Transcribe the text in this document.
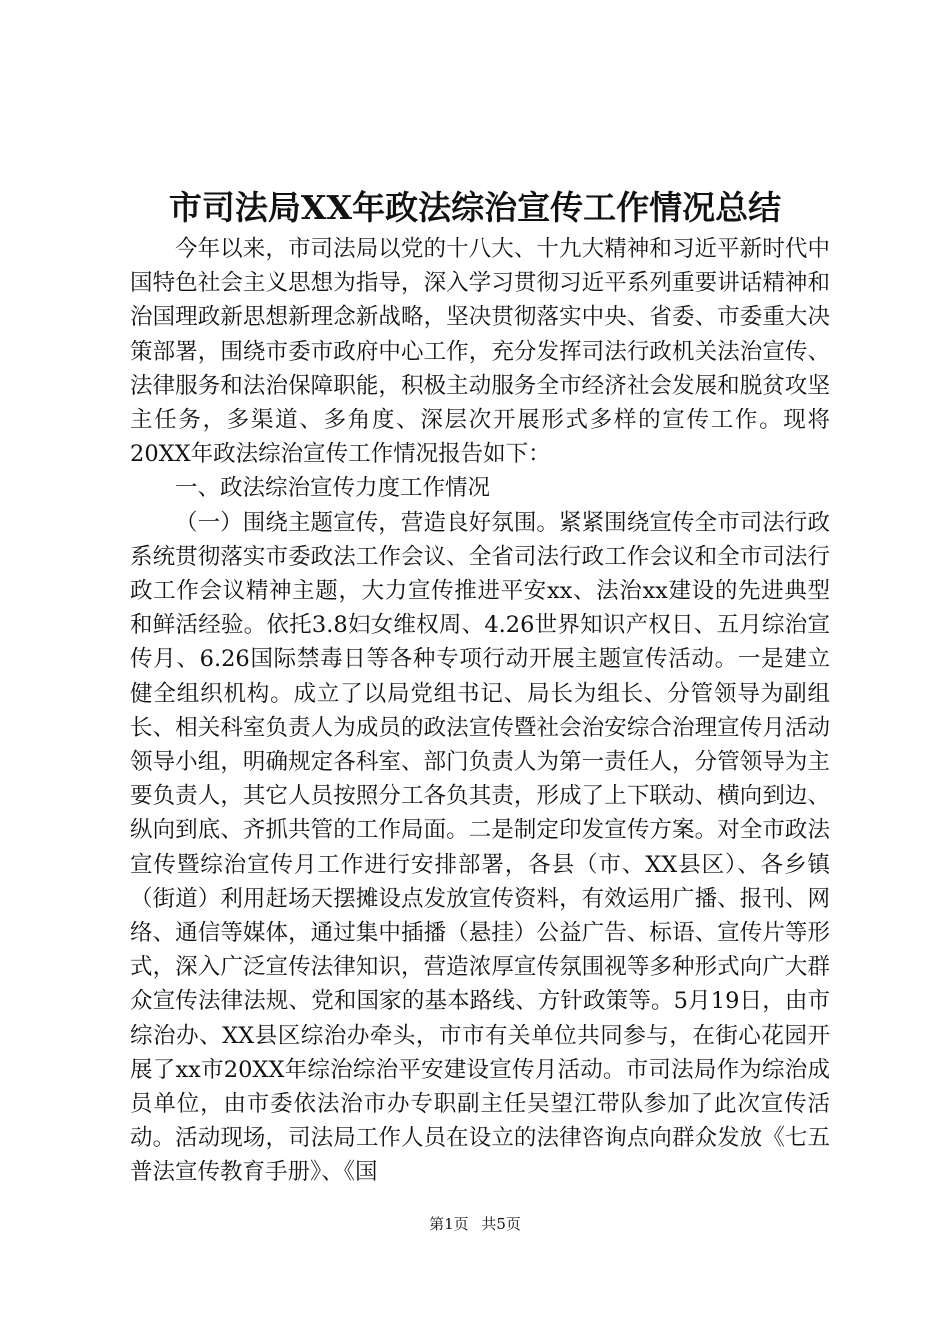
市司法局XX年政法综治宣传工作情况总结

今年以来，市司法局以党的十八大、十九大精神和习近平新时代中国特色社会主义思想为指导，深入学习贯彻习近平系列重要讲话精神和治国理政新思想新理念新战略，坚决贯彻落实中央、省委、市委重大决策部署，围绕市委市政府中心工作，充分发挥司法行政机关法治宣传、法律服务和法治保障职能，积极主动服务全市经济社会发展和脱贫攻坚主任务，多渠道、多角度、深层次开展形式多样的宣传工作。现将20XX年政法综治宣传工作情况报告如下：

一、政法综治宣传力度工作情况

（一）围绕主题宣传，营造良好氛围。紧紧围绕宣传全市司法行政系统贯彻落实市委政法工作会议、全省司法行政工作会议和全市司法行政工作会议精神主题，大力宣传推进平安xx、法治xx建设的先进典型和鲜活经验。依托3.8妇女维权周、4.26世界知识产权日、五月综治宣传月、6.26国际禁毒日等各种专项行动开展主题宣传活动。一是建立健全组织机构。成立了以局党组书记、局长为组长、分管领导为副组长、相关科室负责人为成员的政法宣传暨社会治安综合治理宣传月活动领导小组，明确规定各科室、部门负责人为第一责任人，分管领导为主要负责人，其它人员按照分工各负其责，形成了上下联动、横向到边、纵向到底、齐抓共管的工作局面。二是制定印发宣传方案。对全市政法宣传暨综治宣传月工作进行安排部署，各县（市、XX县区）、各乡镇（街道）利用赶场天摆摊设点发放宣传资料，有效运用广播、报刊、网络、通信等媒体，通过集中插播（悬挂）公益广告、标语、宣传片等形式，深入广泛宣传法律知识，营造浓厚宣传氛围视等多种形式向广大群众宣传法律法规、党和国家的基本路线、方针政策等。5月19日，由市综治办、XX县区综治办牵头，市市有关单位共同参与，在街心花园开展了xx市20XX年综治综治平安建设宣传月活动。市司法局作为综治成员单位，由市委依法治市办专职副主任吴望江带队参加了此次宣传活动。活动现场，司法局工作人员在设立的法律咨询点向群众发放《七五普法宣传教育手册》、《国

第1页 共5页
